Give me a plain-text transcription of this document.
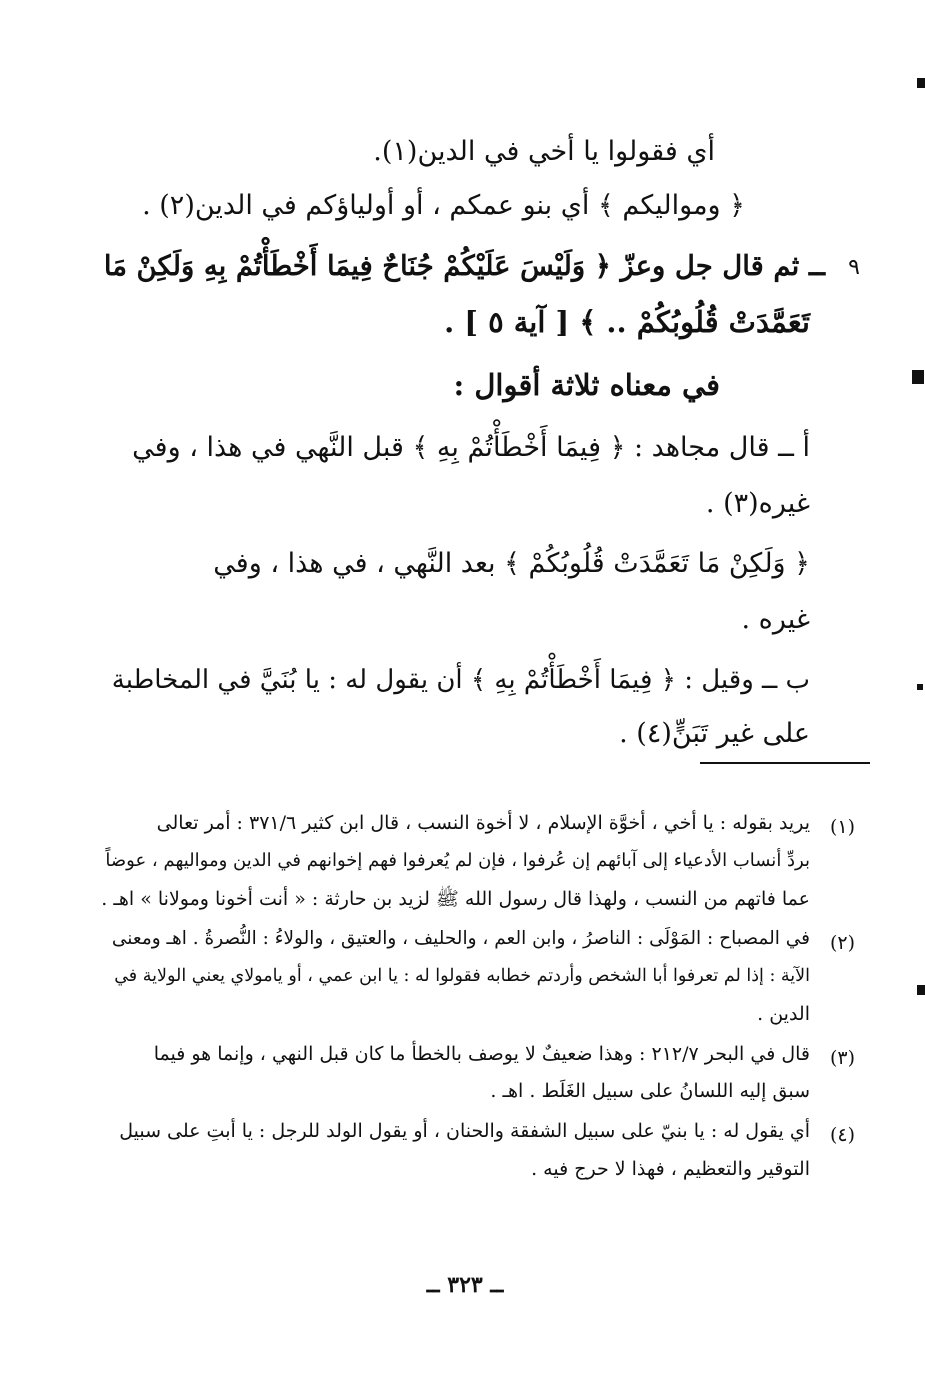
أي فقولوا يا أخي في الدين(١).
﴿ ومواليكم ﴾ أي بنو عمكم ، أو أولياؤكم في الدين(٢) .
٩
ــ ثم قال جل وعزّ ﴿ وَلَيْسَ عَلَيْكُمْ جُنَاحٌ فِيمَا أَخْطَأْتُمْ بِهِ وَلَكِنْ مَا
تَعَمَّدَتْ قُلُوبُكُمْ .. ﴾ [ آية ٥ ] .
في معناه ثلاثة أقوال :
أ ــ قال مجاهد : ﴿ فِيمَا أَخْطَأْتُمْ بِهِ ﴾ قبل النَّهي في هذا ، وفي
غيره(٣) .
﴿ وَلَكِنْ مَا تَعَمَّدَتْ قُلُوبُكُمْ ﴾ بعد النَّهي ، في هذا ، وفي
غيره .
ب ــ وقيل : ﴿ فِيمَا أَخْطَأْتُمْ بِهِ ﴾ أن يقول له : يا بُنَيَّ في المخاطبة
على غير تَبَنٍّ(٤) .
(١)
يريد بقوله : يا أخي ، أخوَّة الإسلام ، لا أخوة النسب ، قال ابن كثير ٣٧١/٦ : أمر تعالى
بردِّ أنساب الأدعياء إلى آبائهم إن عُرفوا ، فإن لم يُعرفوا فهم إخوانهم في الدين ومواليهم ، عوضاً
عما فاتهم من النسب ، ولهذا قال رسول الله ﷺ لزيد بن حارثة : « أنت أخونا ومولانا » اهـ .
(٢)
في المصباح : المَوْلَى : الناصرُ ، وابن العم ، والحليف ، والعتيق ، والولاءُ : النُّصرةُ . اهـ ومعنى
الآية : إذا لم تعرفوا أبا الشخص وأردتم خطابه فقولوا له : يا ابن عمي ، أو يامولاي يعني الولاية في
الدين .
(٣)
قال في البحر ٢١٢/٧ : وهذا ضعيفٌ لا يوصف بالخطأ ما كان قبل النهي ، وإنما هو فيما
سبق إليه اللسانُ على سبيل الغَلَط . اهـ .
(٤)
أي يقول له : يا بنيّ على سبيل الشفقة والحنان ، أو يقول الولد للرجل : يا أبتِ على سبيل
التوقير والتعظيم ، فهذا لا حرج فيه .
ــ ٣٢٣ ــ
